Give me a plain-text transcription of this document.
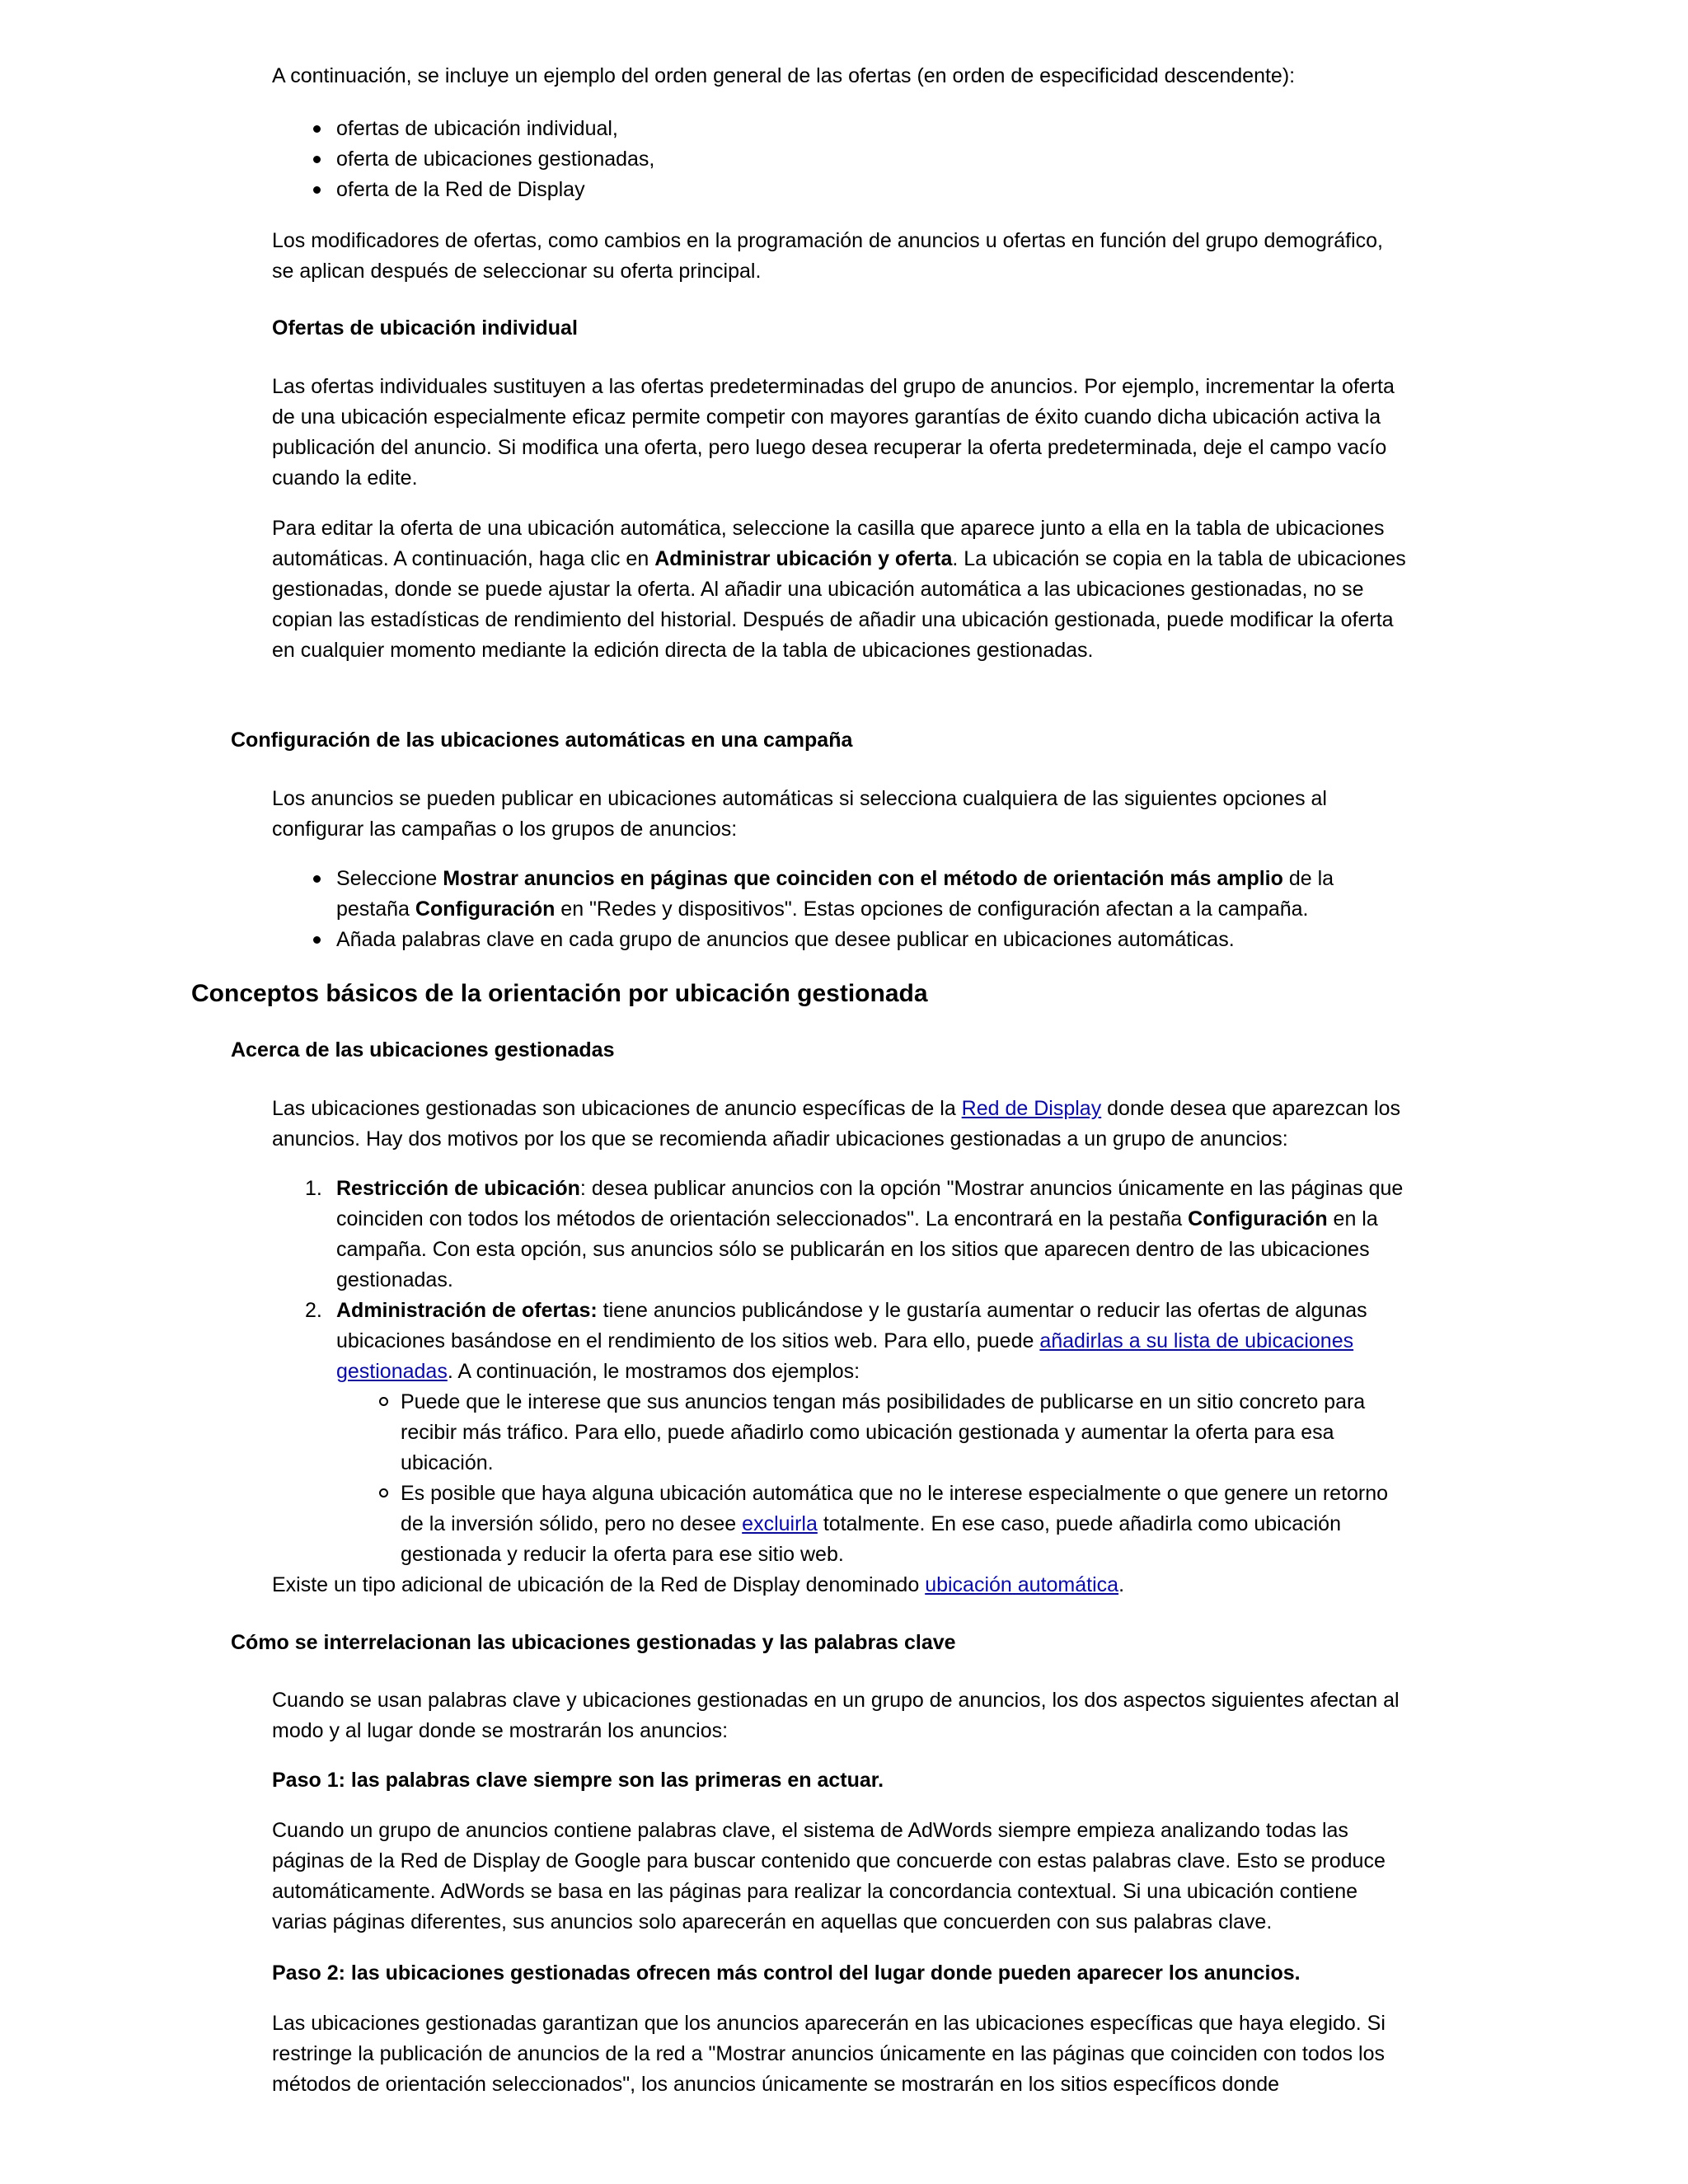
A continuación, se incluye un ejemplo del orden general de las ofertas (en orden de especificidad descendente):

ofertas de ubicación individual,
oferta de ubicaciones gestionadas,
oferta de la Red de Display

Los modificadores de ofertas, como cambios en la programación de anuncios u ofertas en función del grupo demográfico, se aplican después de seleccionar su oferta principal.

Ofertas de ubicación individual

Las ofertas individuales sustituyen a las ofertas predeterminadas del grupo de anuncios. Por ejemplo, incrementar la oferta de una ubicación especialmente eficaz permite competir con mayores garantías de éxito cuando dicha ubicación activa la publicación del anuncio. Si modifica una oferta, pero luego desea recuperar la oferta predeterminada, deje el campo vacío cuando la edite.

Para editar la oferta de una ubicación automática, seleccione la casilla que aparece junto a ella en la tabla de ubicaciones automáticas. A continuación, haga clic en Administrar ubicación y oferta. La ubicación se copia en la tabla de ubicaciones gestionadas, donde se puede ajustar la oferta. Al añadir una ubicación automática a las ubicaciones gestionadas, no se copian las estadísticas de rendimiento del historial. Después de añadir una ubicación gestionada, puede modificar la oferta en cualquier momento mediante la edición directa de la tabla de ubicaciones gestionadas.

Configuración de las ubicaciones automáticas en una campaña

Los anuncios se pueden publicar en ubicaciones automáticas si selecciona cualquiera de las siguientes opciones al configurar las campañas o los grupos de anuncios:

Seleccione Mostrar anuncios en páginas que coinciden con el método de orientación más amplio de la pestaña Configuración en "Redes y dispositivos". Estas opciones de configuración afectan a la campaña.
Añada palabras clave en cada grupo de anuncios que desee publicar en ubicaciones automáticas.
Conceptos básicos de la orientación por ubicación gestionada
Acerca de las ubicaciones gestionadas

Las ubicaciones gestionadas son ubicaciones de anuncio específicas de la Red de Display donde desea que aparezcan los anuncios. Hay dos motivos por los que se recomienda añadir ubicaciones gestionadas a un grupo de anuncios:

1. Restricción de ubicación: desea publicar anuncios con la opción "Mostrar anuncios únicamente en las páginas que coinciden con todos los métodos de orientación seleccionados". La encontrará en la pestaña Configuración en la campaña. Con esta opción, sus anuncios sólo se publicarán en los sitios que aparecen dentro de las ubicaciones gestionadas.
2. Administración de ofertas: tiene anuncios publicándose y le gustaría aumentar o reducir las ofertas de algunas ubicaciones basándose en el rendimiento de los sitios web. Para ello, puede añadirlas a su lista de ubicaciones gestionadas. A continuación, le mostramos dos ejemplos:
Puede que le interese que sus anuncios tengan más posibilidades de publicarse en un sitio concreto para recibir más tráfico. Para ello, puede añadirlo como ubicación gestionada y aumentar la oferta para esa ubicación.
Es posible que haya alguna ubicación automática que no le interese especialmente o que genere un retorno de la inversión sólido, pero no desee excluirla totalmente. En ese caso, puede añadirla como ubicación gestionada y reducir la oferta para ese sitio web.

Existe un tipo adicional de ubicación de la Red de Display denominado ubicación automática.

Cómo se interrelacionan las ubicaciones gestionadas y las palabras clave

Cuando se usan palabras clave y ubicaciones gestionadas en un grupo de anuncios, los dos aspectos siguientes afectan al modo y al lugar donde se mostrarán los anuncios:

Paso 1: las palabras clave siempre son las primeras en actuar.

Cuando un grupo de anuncios contiene palabras clave, el sistema de AdWords siempre empieza analizando todas las páginas de la Red de Display de Google para buscar contenido que concuerde con estas palabras clave. Esto se produce automáticamente. AdWords se basa en las páginas para realizar la concordancia contextual. Si una ubicación contiene varias páginas diferentes, sus anuncios solo aparecerán en aquellas que concuerden con sus palabras clave.

Paso 2: las ubicaciones gestionadas ofrecen más control del lugar donde pueden aparecer los anuncios.

Las ubicaciones gestionadas garantizan que los anuncios aparecerán en las ubicaciones específicas que haya elegido. Si restringe la publicación de anuncios de la red a "Mostrar anuncios únicamente en las páginas que coinciden con todos los métodos de orientación seleccionados", los anuncios únicamente se mostrarán en los sitios específicos donde
